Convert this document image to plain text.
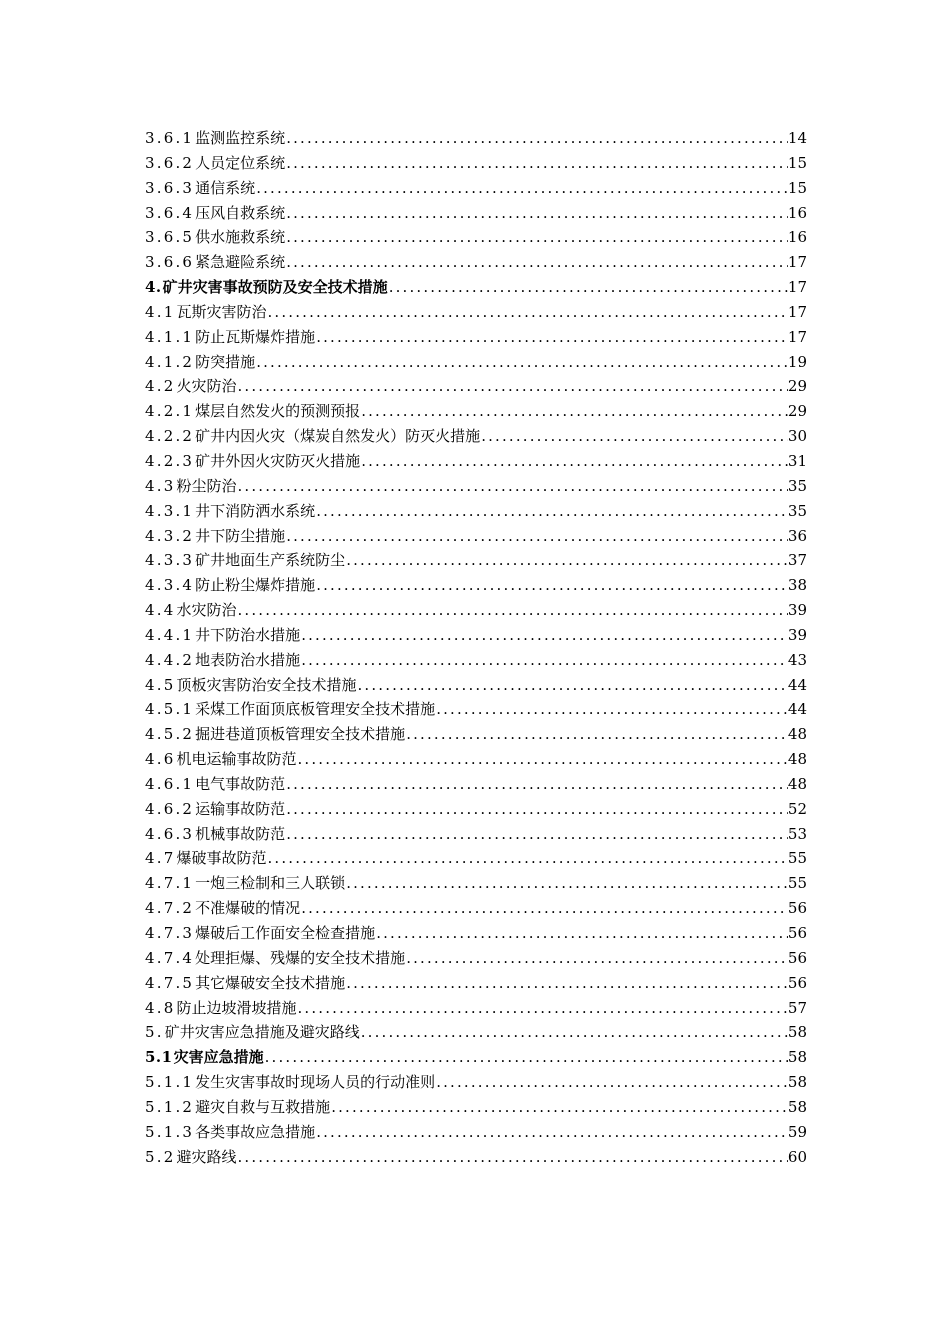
3.6.1 监测监控系统 . . .	14
3.6.2 人员定位系统 . . .	15
3.6.3 通信系统 . . .	15
3.6.4 压风自救系统 . . .	16
3.6.5 供水施救系统 . . .	16
3.6.6 紧急避险系统 . . .	17
4. 矿井灾害事故预防及安全技术措施 . . .	17
4.1 瓦斯灾害防治 . . .	17
4.1.1 防止瓦斯爆炸措施 . . .	17
4.1.2 防突措施 . . .	19
4.2 火灾防治 . . .	29
4.2.1 煤层自然发火的预测预报 . . .	29
4.2.2 矿井内因火灾（煤炭自然发火）防灭火措施 . . .	30
4.2.3 矿井外因火灾防灭火措施 . . .	31
4.3 粉尘防治 . . .	35
4.3.1 井下消防洒水系统 . . .	35
4.3.2 井下防尘措施 . . .	36
4.3.3 矿井地面生产系统防尘 . . .	37
4.3.4 防止粉尘爆炸措施 . . .	38
4.4 水灾防治 . . .	39
4.4.1 井下防治水措施 . . .	39
4.4.2 地表防治水措施 . . .	43
4.5 顶板灾害防治安全技术措施 . . .	44
4.5.1 采煤工作面顶底板管理安全技术措施 . . .	44
4.5.2 掘进巷道顶板管理安全技术措施 . . .	48
4.6 机电运输事故防范 . . .	48
4.6.1 电气事故防范 . . .	48
4.6.2 运输事故防范 . . .	52
4.6.3 机械事故防范 . . .	53
4.7 爆破事故防范 . . .	55
4.7.1 一炮三检制和三人联锁 . . .	55
4.7.2 不准爆破的情况 . . .	56
4.7.3 爆破后工作面安全检查措施 . . .	56
4.7.4 处理拒爆、残爆的安全技术措施 . . .	56
4.7.5 其它爆破安全技术措施 . . .	56
4.8 防止边坡滑坡措施 . . .	57
5. 矿井灾害应急措施及避灾路线 . . .	58
5.1 灾害应急措施 . . .	58
5.1.1 发生灾害事故时现场人员的行动准则 . . .	58
5.1.2 避灾自救与互救措施 . . .	58
5.1.3 各类事故应急措施 . . .	59
5.2 避灾路线 . . .	60
